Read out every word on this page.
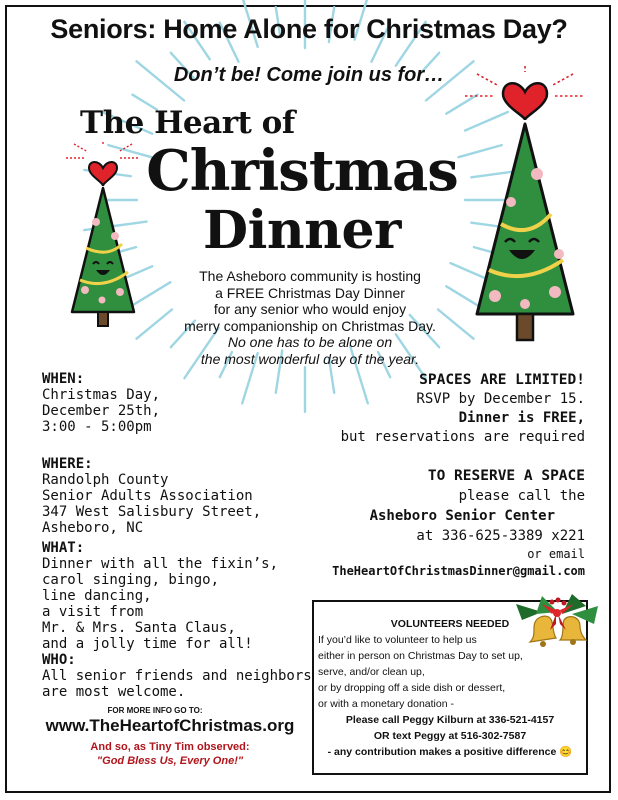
Seniors: Home Alone for Christmas Day?
Don’t be! Come join us for…
The Heart of
Christmas
Dinner
The Asheboro community is hosting
a FREE Christmas Day Dinner
for any senior who would enjoy
merry companionship on Christmas Day.
No one has to be alone on
the most wonderful day of the year.
WHEN:
Christmas Day,
December 25th,
3:00 - 5:00pm
WHERE:
Randolph County
Senior Adults Association
347 West Salisbury Street,
Asheboro, NC
WHAT:
Dinner with all the fixin’s,
carol singing, bingo,
line dancing,
a visit from
Mr. & Mrs. Santa Claus,
and a jolly time for all!
WHO:
All senior friends and neighbors
are most welcome.
SPACES ARE LIMITED!
RSVP by December 15.
Dinner is FREE,
but reservations are required
TO RESERVE A SPACE
please call the
Asheboro Senior Center
at 336-625-3389 x221
or email
TheHeartOfChristmasDinner@gmail.com
VOLUNTEERS NEEDED
If you’d like to volunteer to help us
either in person on Christmas Day to set up,
serve, and/or clean up,
or by dropping off a side dish or dessert,
or with a monetary donation -
Please call Peggy Kilburn at 336-521-4157
OR text Peggy at 516-302-7587
- any contribution makes a positive difference 😊
FOR MORE INFO GO TO:
www.TheHeartofChristmas.org
And so, as Tiny Tim observed:
"God Bless Us, Every One!"
